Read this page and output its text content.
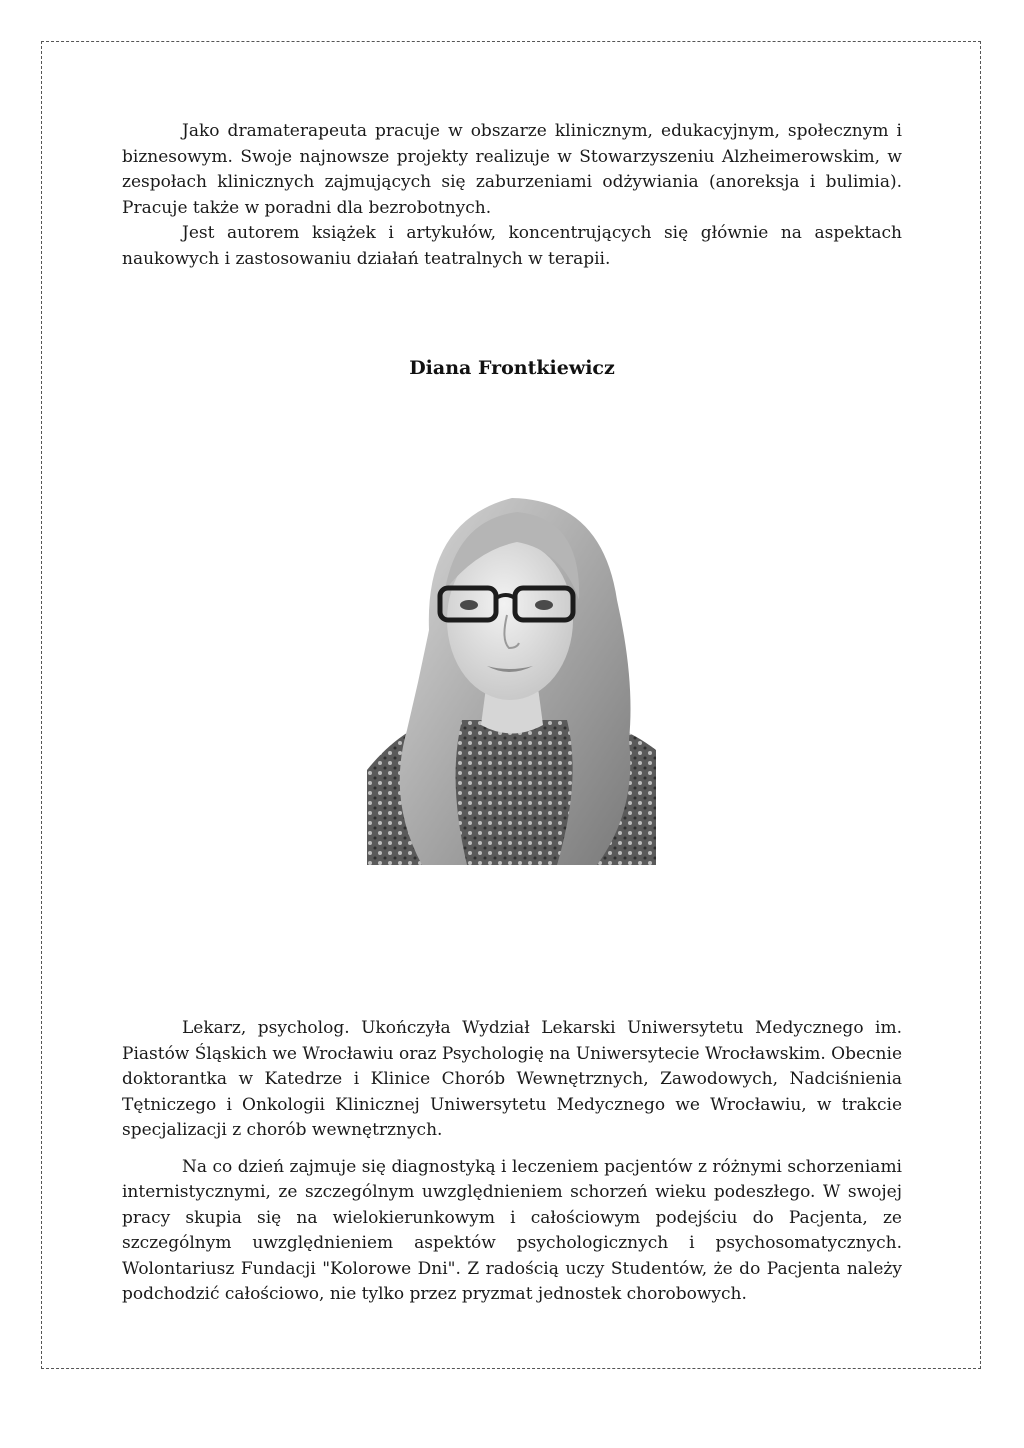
Jako dramaterapeuta pracuje w obszarze klinicznym, edukacyjnym, społecznym i biznesowym. Swoje najnowsze projekty realizuje w Stowarzyszeniu Alzheimerowskim, w zespołach klinicznych zajmujących się zaburzeniami odżywiania (anoreksja i bulimia). Pracuje także w poradni dla bezrobotnych.

Jest autorem książek i artykułów, koncentrujących się głównie na aspektach naukowych i zastosowaniu działań teatralnych w terapii.

Diana Frontkiewicz

Lekarz, psycholog. Ukończyła Wydział Lekarski Uniwersytetu Medycznego im. Piastów Śląskich we Wrocławiu oraz Psychologię na Uniwersytecie Wrocławskim. Obecnie doktorantka w Katedrze i Klinice Chorób Wewnętrznych, Zawodowych, Nadciśnienia Tętniczego i Onkologii Klinicznej Uniwersytetu Medycznego we Wrocławiu, w trakcie specjalizacji z chorób wewnętrznych.

Na co dzień zajmuje się diagnostyką i leczeniem pacjentów z różnymi schorzeniami internistycznymi, ze szczególnym uwzględnieniem schorzeń wieku podeszłego. W swojej pracy skupia się na wielokierunkowym i całościowym podejściu do Pacjenta, ze szczególnym uwzględnieniem aspektów psychologicznych i psychosomatycznych. Wolontariusz Fundacji "Kolorowe Dni". Z radością uczy Studentów, że do Pacjenta należy podchodzić całościowo, nie tylko przez pryzmat jednostek chorobowych.
